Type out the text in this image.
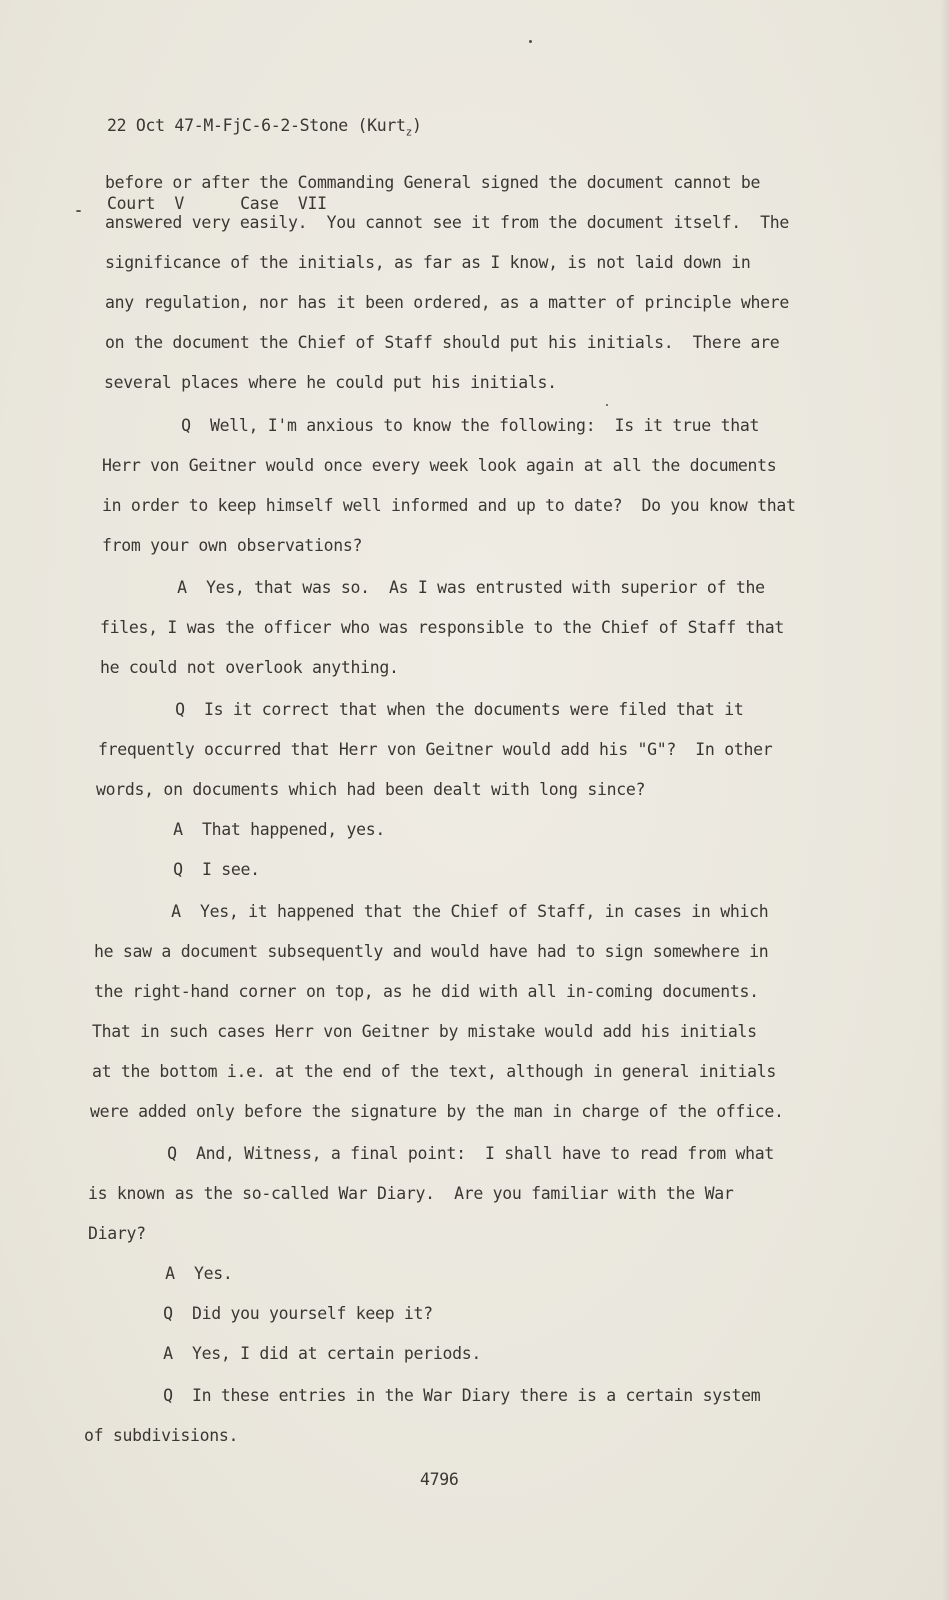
22 Oct 47-M-FjC-6-2-Stone (Kurt$_z$)

Court  V	Case  VII

before or after the Commanding General signed the document cannot be
answered very easily.  You cannot see it from the document itself.  The
significance of the initials, as far as I know, is not laid down in
any regulation, nor has it been ordered, as a matter of principle where
on the document the Chief of Staff should put his initials.  There are
several places where he could put his initials.
Q  Well, I'm anxious to know the following:  Is it true that
Herr von Geitner would once every week look again at all the documents
in order to keep himself well informed and up to date?  Do you know that
from your own observations?
A  Yes, that was so.  As I was entrusted with superior of the
files, I was the officer who was responsible to the Chief of Staff that
he could not overlook anything.
Q  Is it correct that when the documents were filed that it
frequently occurred that Herr von Geitner would add his "G"?  In other
words, on documents which had been dealt with long since?
A  That happened, yes.
Q  I see.
A  Yes, it happened that the Chief of Staff, in cases in which
he saw a document subsequently and would have had to sign somewhere in
the right-hand corner on top, as he did with all in-coming documents.
That in such cases Herr von Geitner by mistake would add his initials
at the bottom i.e. at the end of the text, although in general initials
were added only before the signature by the man in charge of the office.
Q  And, Witness, a final point:  I shall have to read from what
is known as the so-called War Diary.  Are you familiar with the War
Diary?
A  Yes.
Q  Did you yourself keep it?
A  Yes, I did at certain periods.
Q  In these entries in the War Diary there is a certain system
of subdivisions.
4796
